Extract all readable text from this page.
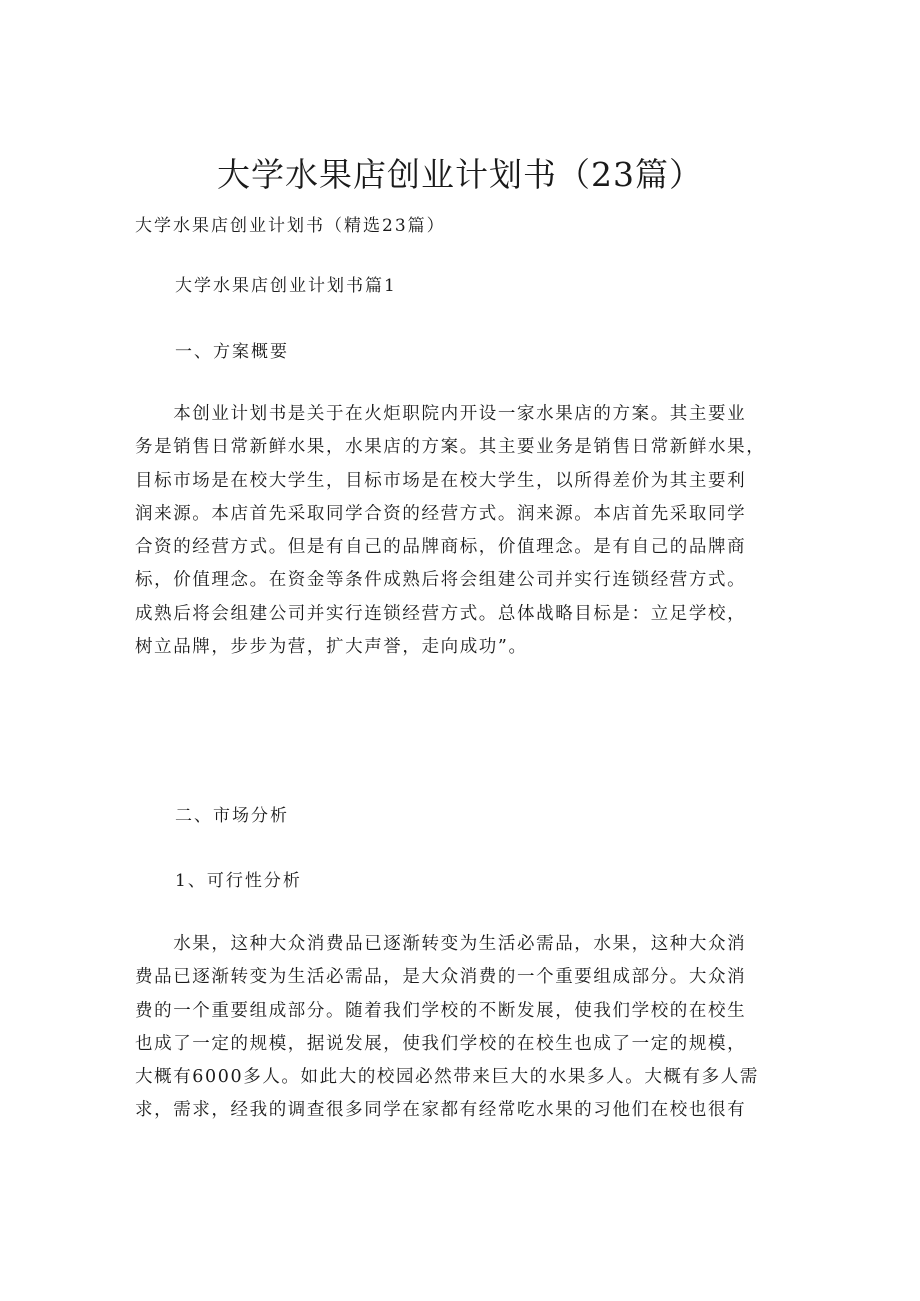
大学水果店创业计划书（23篇）

大学水果店创业计划书（精选23篇）

大学水果店创业计划书篇1
一、方案概要
　　本创业计划书是关于在火炬职院内开设一家水果店的方案。其主要业
务是销售日常新鲜水果，水果店的方案。其主要业务是销售日常新鲜水果，
目标市场是在校大学生，目标市场是在校大学生，以所得差价为其主要利
润来源。本店首先采取同学合资的经营方式。润来源。本店首先采取同学
合资的经营方式。但是有自己的品牌商标，价值理念。是有自己的品牌商
标，价值理念。在资金等条件成熟后将会组建公司并实行连锁经营方式。
成熟后将会组建公司并实行连锁经营方式。总体战略目标是：立足学校，
树立品牌，步步为营，扩大声誉，走向成功”。
二、市场分析
1、可行性分析
　　水果，这种大众消费品已逐渐转变为生活必需品，水果，这种大众消
费品已逐渐转变为生活必需品，是大众消费的一个重要组成部分。大众消
费的一个重要组成部分。随着我们学校的不断发展，使我们学校的在校生
也成了一定的规模，据说发展，使我们学校的在校生也成了一定的规模，
大概有6000多人。如此大的校园必然带来巨大的水果多人。大概有多人需
求，需求，经我的调查很多同学在家都有经常吃水果的习他们在校也很有
